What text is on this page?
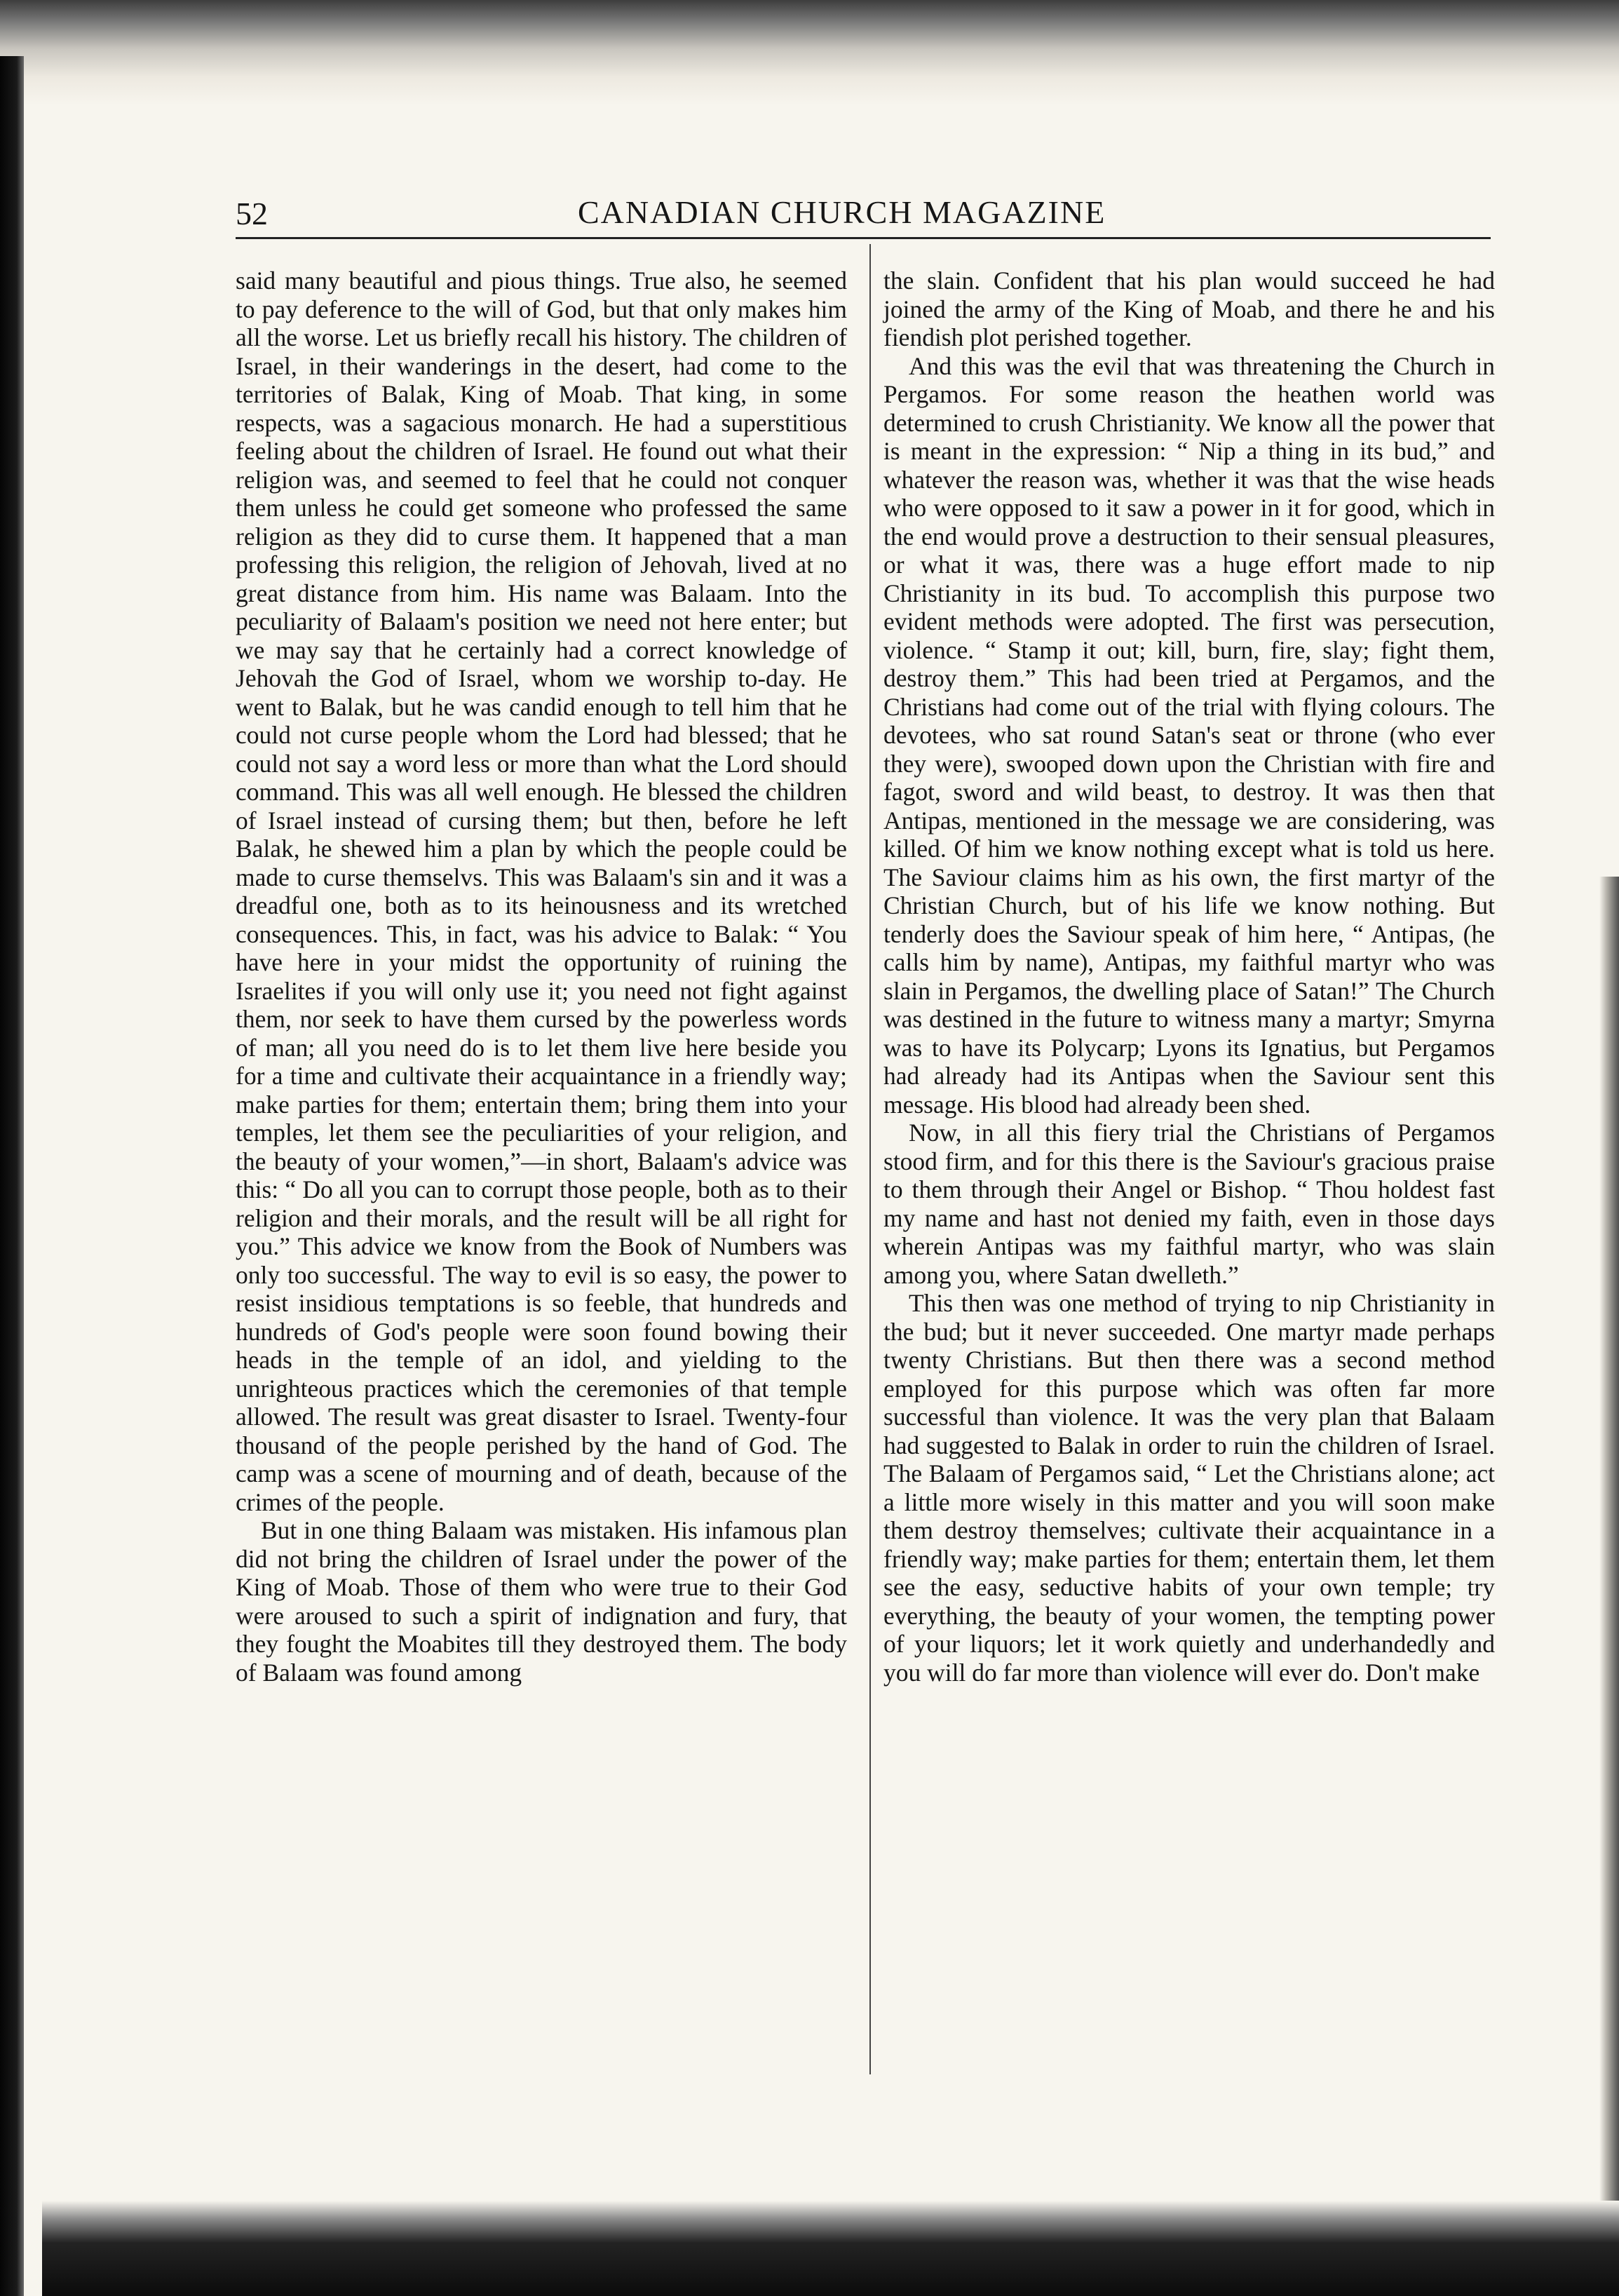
52	CANADIAN CHURCH MAGAZINE

said many beautiful and pious things. True also, he seemed to pay deference to the will of God, but that only makes him all the worse. Let us briefly recall his history. The children of Israel, in their wanderings in the desert, had come to the territories of Balak, King of Moab. That king, in some respects, was a sagacious monarch. He had a superstitious feeling about the children of Israel. He found out what their religion was, and seemed to feel that he could not conquer them unless he could get someone who professed the same religion as they did to curse them. It happened that a man professing this religion, the religion of Jehovah, lived at no great distance from him. His name was Balaam. Into the peculiarity of Balaam's position we need not here enter; but we may say that he certainly had a correct knowledge of Jehovah the God of Israel, whom we worship to-day. He went to Balak, but he was candid enough to tell him that he could not curse people whom the Lord had blessed; that he could not say a word less or more than what the Lord should command. This was all well enough. He blessed the children of Israel instead of cursing them; but then, before he left Balak, he shewed him a plan by which the people could be made to curse themselvs. This was Balaam's sin and it was a dreadful one, both as to its heinousness and its wretched consequences. This, in fact, was his advice to Balak: “ You have here in your midst the opportunity of ruining the Israelites if you will only use it; you need not fight against them, nor seek to have them cursed by the powerless words of man; all you need do is to let them live here beside you for a time and cultivate their acquaintance in a friendly way; make parties for them; entertain them; bring them into your temples, let them see the peculiarities of your religion, and the beauty of your women,”—in short, Balaam's advice was this: “ Do all you can to corrupt those people, both as to their religion and their morals, and the result will be all right for you.” This advice we know from the Book of Numbers was only too successful. The way to evil is so easy, the power to resist insidious temptations is so feeble, that hundreds and hundreds of God's people were soon found bowing their heads in the temple of an idol, and yielding to the unrighteous practices which the ceremonies of that temple allowed. The result was great disaster to Israel. Twenty-four thousand of the people perished by the hand of God. The camp was a scene of mourning and of death, because of the crimes of the people.

But in one thing Balaam was mistaken. His infamous plan did not bring the children of Israel under the power of the King of Moab. Those of them who were true to their God were aroused to such a spirit of indignation and fury, that they fought the Moabites till they destroyed them. The body of Balaam was found among

the slain. Confident that his plan would succeed he had joined the army of the King of Moab, and there he and his fiendish plot perished together.

And this was the evil that was threatening the Church in Pergamos. For some reason the heathen world was determined to crush Christianity. We know all the power that is meant in the expression: “ Nip a thing in its bud,” and whatever the reason was, whether it was that the wise heads who were opposed to it saw a power in it for good, which in the end would prove a destruction to their sensual pleasures, or what it was, there was a huge effort made to nip Christianity in its bud. To accomplish this purpose two evident methods were adopted. The first was persecution, violence. “ Stamp it out; kill, burn, fire, slay; fight them, destroy them.” This had been tried at Pergamos, and the Christians had come out of the trial with flying colours. The devotees, who sat round Satan's seat or throne (who ever they were), swooped down upon the Christian with fire and fagot, sword and wild beast, to destroy. It was then that Antipas, mentioned in the message we are considering, was killed. Of him we know nothing except what is told us here. The Saviour claims him as his own, the first martyr of the Christian Church, but of his life we know nothing. But tenderly does the Saviour speak of him here, “ Antipas, (he calls him by name), Antipas, my faithful martyr who was slain in Pergamos, the dwelling place of Satan!” The Church was destined in the future to witness many a martyr; Smyrna was to have its Polycarp; Lyons its Ignatius, but Pergamos had already had its Antipas when the Saviour sent this message. His blood had already been shed.

Now, in all this fiery trial the Christians of Pergamos stood firm, and for this there is the Saviour's gracious praise to them through their Angel or Bishop. “ Thou holdest fast my name and hast not denied my faith, even in those days wherein Antipas was my faithful martyr, who was slain among you, where Satan dwelleth.”

This then was one method of trying to nip Christianity in the bud; but it never succeeded. One martyr made perhaps twenty Christians. But then there was a second method employed for this purpose which was often far more successful than violence. It was the very plan that Balaam had suggested to Balak in order to ruin the children of Israel. The Balaam of Pergamos said, “ Let the Christians alone; act a little more wisely in this matter and you will soon make them destroy themselves; cultivate their acquaintance in a friendly way; make parties for them; entertain them, let them see the easy, seductive habits of your own temple; try everything, the beauty of your women, the tempting power of your liquors; let it work quietly and underhandedly and you will do far more than violence will ever do. Don't make
